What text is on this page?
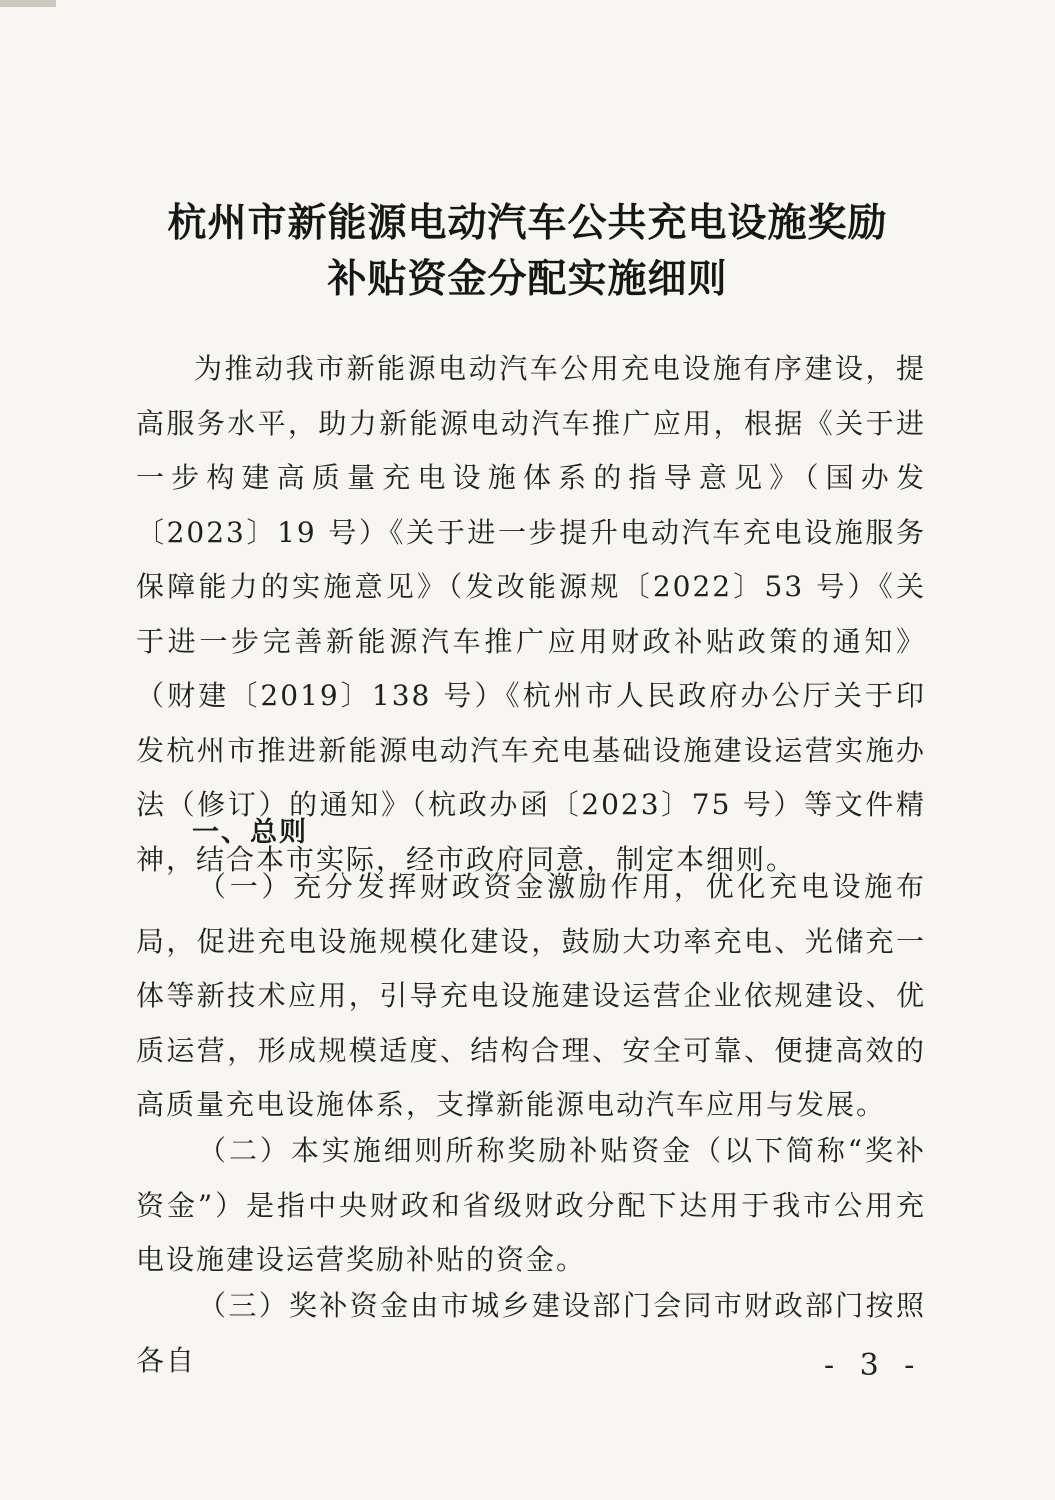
杭州市新能源电动汽车公共充电设施奖励
补贴资金分配实施细则
为推动我市新能源电动汽车公用充电设施有序建设，提高服务水平，助力新能源电动汽车推广应用，根据《关于进一步构建高质量充电设施体系的指导意见》（国办发〔2023〕19 号）《关于进一步提升电动汽车充电设施服务保障能力的实施意见》（发改能源规〔2022〕53 号）《关于进一步完善新能源汽车推广应用财政补贴政策的通知》（财建〔2019〕138 号）《杭州市人民政府办公厅关于印发杭州市推进新能源电动汽车充电基础设施建设运营实施办法（修订）的通知》（杭政办函〔2023〕75 号）等文件精神，结合本市实际，经市政府同意，制定本细则。
一、总则
（一）充分发挥财政资金激励作用，优化充电设施布局，促进充电设施规模化建设，鼓励大功率充电、光储充一体等新技术应用，引导充电设施建设运营企业依规建设、优质运营，形成规模适度、结构合理、安全可靠、便捷高效的高质量充电设施体系，支撑新能源电动汽车应用与发展。
（二）本实施细则所称奖励补贴资金（以下简称“奖补资金”）是指中央财政和省级财政分配下达用于我市公用充电设施建设运营奖励补贴的资金。
（三）奖补资金由市城乡建设部门会同市财政部门按照各自	- 3 -
